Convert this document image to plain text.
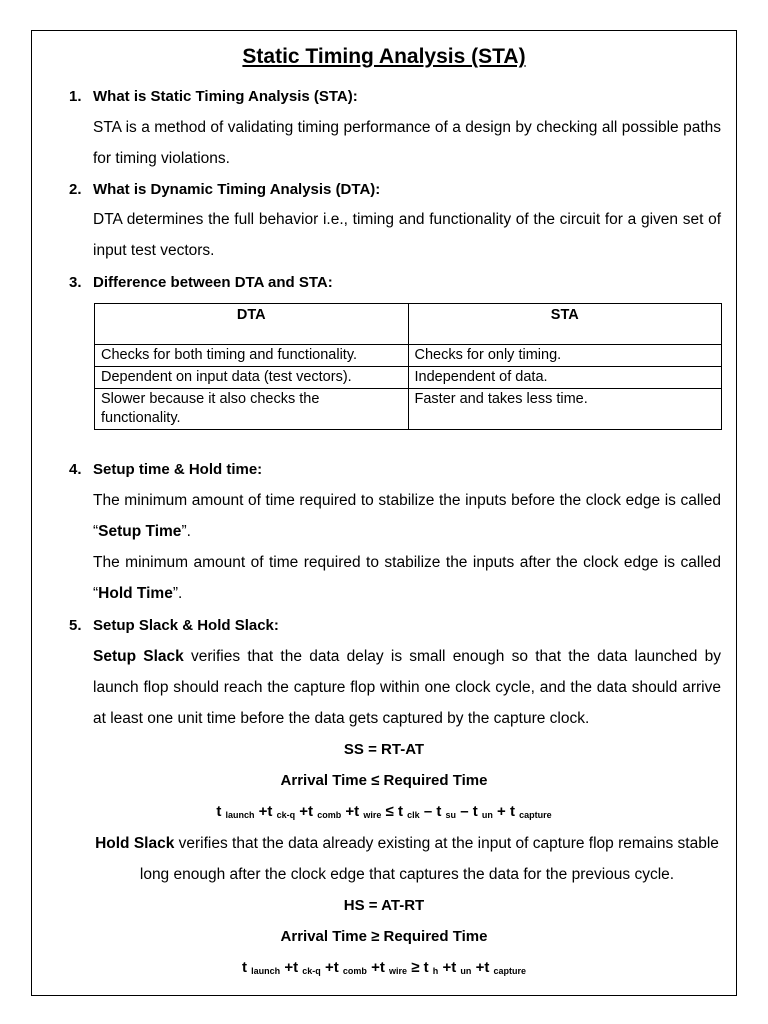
Static Timing Analysis (STA)
1. What is Static Timing Analysis (STA):
STA is a method of validating timing performance of a design by checking all possible paths for timing violations.
2. What is Dynamic Timing Analysis (DTA):
DTA determines the full behavior i.e., timing and functionality of the circuit for a given set of input test vectors.
3. Difference between DTA and STA:
DTA	STA
Checks for both timing and functionality.	Checks for only timing.
Dependent on input data (test vectors).	Independent of data.
Slower because it also checks the functionality.	Faster and takes less time.
4. Setup time & Hold time:
The minimum amount of time required to stabilize the inputs before the clock edge is called “Setup Time”.
The minimum amount of time required to stabilize the inputs after the clock edge is called “Hold Time”.
5. Setup Slack & Hold Slack:
Setup Slack verifies that the data delay is small enough so that the data launched by launch flop should reach the capture flop within one clock cycle, and the data should arrive at least one unit time before the data gets captured by the capture clock.
SS = RT-AT
Arrival Time ≤ Required Time
t $_{launch}$ +t $_{ck-q}$ +t $_{comb}$ +t $_{wire}$ ≤ t $_{clk}$ – t $_{su}$ – t $_{un}$ + t $_{capture}$
Hold Slack verifies that the data already existing at the input of capture flop remains stable long enough after the clock edge that captures the data for the previous cycle.
HS = AT-RT
Arrival Time ≥ Required Time
t $_{launch}$ +t $_{ck-q}$ +t $_{comb}$ +t $_{wire}$ ≥ t $_h$ +t $_{un}$ +t $_{capture}$
